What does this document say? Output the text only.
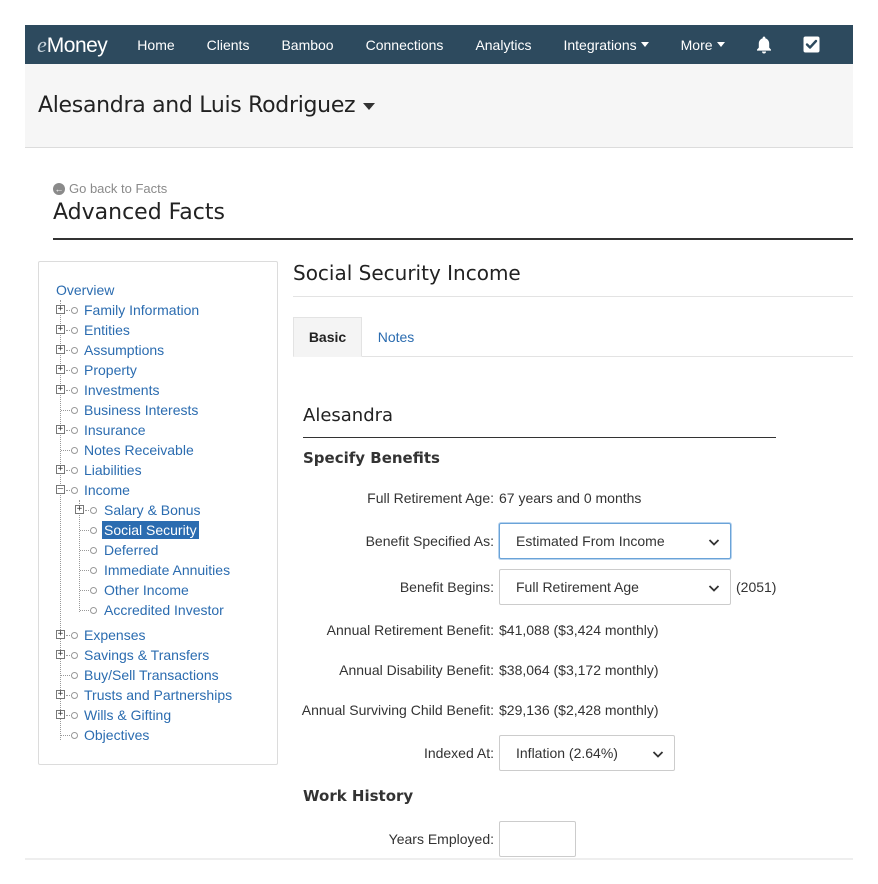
e Money	Home	Clients	Bamboo	Connections	Analytics	Integrations	More
Alesandra and Luis Rodriguez
← Go back to Facts
Advanced Facts
Overview
+ Family Information
+ Entities
+ Assumptions
+ Property
+ Investments
Business Interests
+ Insurance
Notes Receivable
+ Liabilities
– Income
+ Salary & Bonus
Social Security
Deferred
Immediate Annuities
Other Income
Accredited Investor
+ Expenses
+ Savings & Transfers
Buy/Sell Transactions
+ Trusts and Partnerships
+ Wills & Gifting
Objectives
Social Security Income
Basic	Notes
Alesandra
Specify Benefits
Full Retirement Age: 67 years and 0 months
Benefit Specified As: Estimated From Income
Benefit Begins: Full Retirement Age	(2051)
Annual Retirement Benefit: $41,088 ($3,424 monthly)
Annual Disability Benefit: $38,064 ($3,172 monthly)
Annual Surviving Child Benefit: $29,136 ($2,428 monthly)
Indexed At: Inflation (2.64%)
Work History
Years Employed:
